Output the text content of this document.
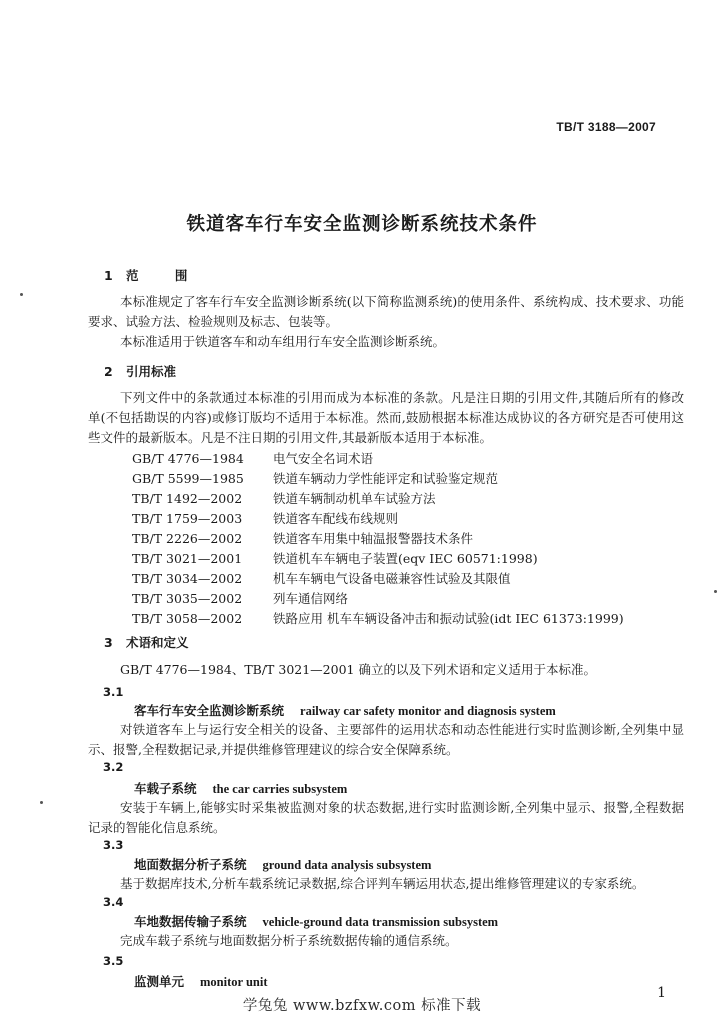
TB/T 3188—2007
铁道客车行车安全监测诊断系统技术条件
1 范 围
本标准规定了客车行车安全监测诊断系统(以下简称监测系统)的使用条件、系统构成、技术要求、功能要求、试验方法、检验规则及标志、包装等。
本标准适用于铁道客车和动车组用行车安全监测诊断系统。
2 引用标准
下列文件中的条款通过本标准的引用而成为本标准的条款。凡是注日期的引用文件,其随后所有的修改单(不包括勘误的内容)或修订版均不适用于本标准。然而,鼓励根据本标准达成协议的各方研究是否可使用这些文件的最新版本。凡是不注日期的引用文件,其最新版本适用于本标准。
GB/T 4776—1984 电气安全名词术语
GB/T 5599—1985 铁道车辆动力学性能评定和试验鉴定规范
TB/T 1492—2002 铁道车辆制动机单车试验方法
TB/T 1759—2003 铁道客车配线布线规则
TB/T 2226—2002 铁道客车用集中轴温报警器技术条件
TB/T 3021—2001 铁道机车车辆电子装置(eqv IEC 60571:1998)
TB/T 3034—2002 机车车辆电气设备电磁兼容性试验及其限值
TB/T 3035—2002 列车通信网络
TB/T 3058—2002 铁路应用 机车车辆设备冲击和振动试验(idt IEC 61373:1999)
3 术语和定义
GB/T 4776—1984、TB/T 3021—2001 确立的以及下列术语和定义适用于本标准。
3.1
客车行车安全监测诊断系统 railway car safety monitor and diagnosis system
对铁道客车上与运行安全相关的设备、主要部件的运用状态和动态性能进行实时监测诊断,全列集中显示、报警,全程数据记录,并提供维修管理建议的综合安全保障系统。
3.2
车载子系统 the car carries subsystem
安装于车辆上,能够实时采集被监测对象的状态数据,进行实时监测诊断,全列集中显示、报警,全程数据记录的智能化信息系统。
3.3
地面数据分析子系统 ground data analysis subsystem
基于数据库技术,分析车载系统记录数据,综合评判车辆运用状态,提出维修管理建议的专家系统。
3.4
车地数据传输子系统 vehicle-ground data transmission subsystem
完成车载子系统与地面数据分析子系统数据传输的通信系统。
3.5
监测单元 monitor unit
1
学兔兔 www.bzfxw.com 标准下载
